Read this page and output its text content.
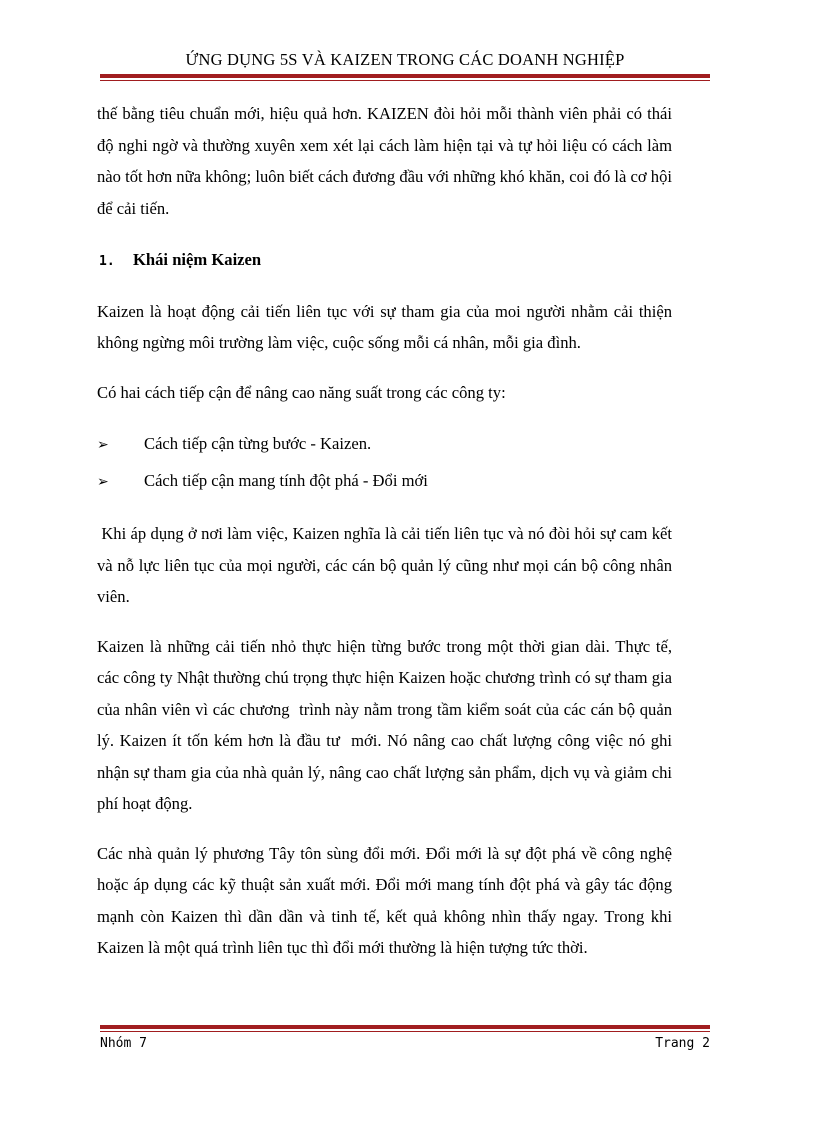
ỨNG DỤNG 5S VÀ KAIZEN TRONG CÁC DOANH NGHIỆP

thế bằng tiêu chuẩn mới, hiệu quả hơn. KAIZEN đòi hỏi mỗi thành viên phải có thái độ nghi ngờ và thường xuyên xem xét lại cách làm hiện tại và tự hỏi liệu có cách làm nào tốt hơn nữa không; luôn biết cách đương đầu với những khó khăn, coi đó là cơ hội để cải tiến.

1.	Khái niệm Kaizen

Kaizen là hoạt động cải tiến liên tục với sự tham gia của moi người nhằm cải thiện không ngừng môi trường làm việc, cuộc sống mỗi cá nhân, mỗi gia đình.

Có hai cách tiếp cận để nâng cao năng suất trong các công ty:

➢	Cách tiếp cận từng bước - Kaizen.
➢	Cách tiếp cận mang tính đột phá - Đổi mới

Khi áp dụng ở nơi làm việc, Kaizen nghĩa là cải tiến liên tục và nó đòi hỏi sự cam kết và nỗ lực liên tục của mọi người, các cán bộ quản lý cũng như mọi cán bộ công nhân viên.

Kaizen là những cải tiến nhỏ thực hiện từng bước trong một thời gian dài. Thực tế, các công ty Nhật thường chú trọng thực hiện Kaizen hoặc chương trình có sự tham gia của nhân viên vì các chương  trình này nằm trong tầm kiểm soát của các cán bộ quản lý. Kaizen ít tốn kém hơn là đầu tư  mới. Nó nâng cao chất lượng công việc nó ghi nhận sự tham gia của nhà quản lý, nâng cao chất lượng sản phẩm, dịch vụ và giảm chi phí hoạt động.

Các nhà quản lý phương Tây tôn sùng đổi mới. Đổi mới là sự đột phá về công nghệ hoặc áp dụng các kỹ thuật sản xuất mới. Đổi mới mang tính đột phá và gây tác động mạnh còn Kaizen thì dần dần và tinh tế, kết quả không nhìn thấy ngay. Trong khi Kaizen là một quá trình liên tục thì đổi mới thường là hiện tượng tức thời.

Nhóm 7	Trang 2
